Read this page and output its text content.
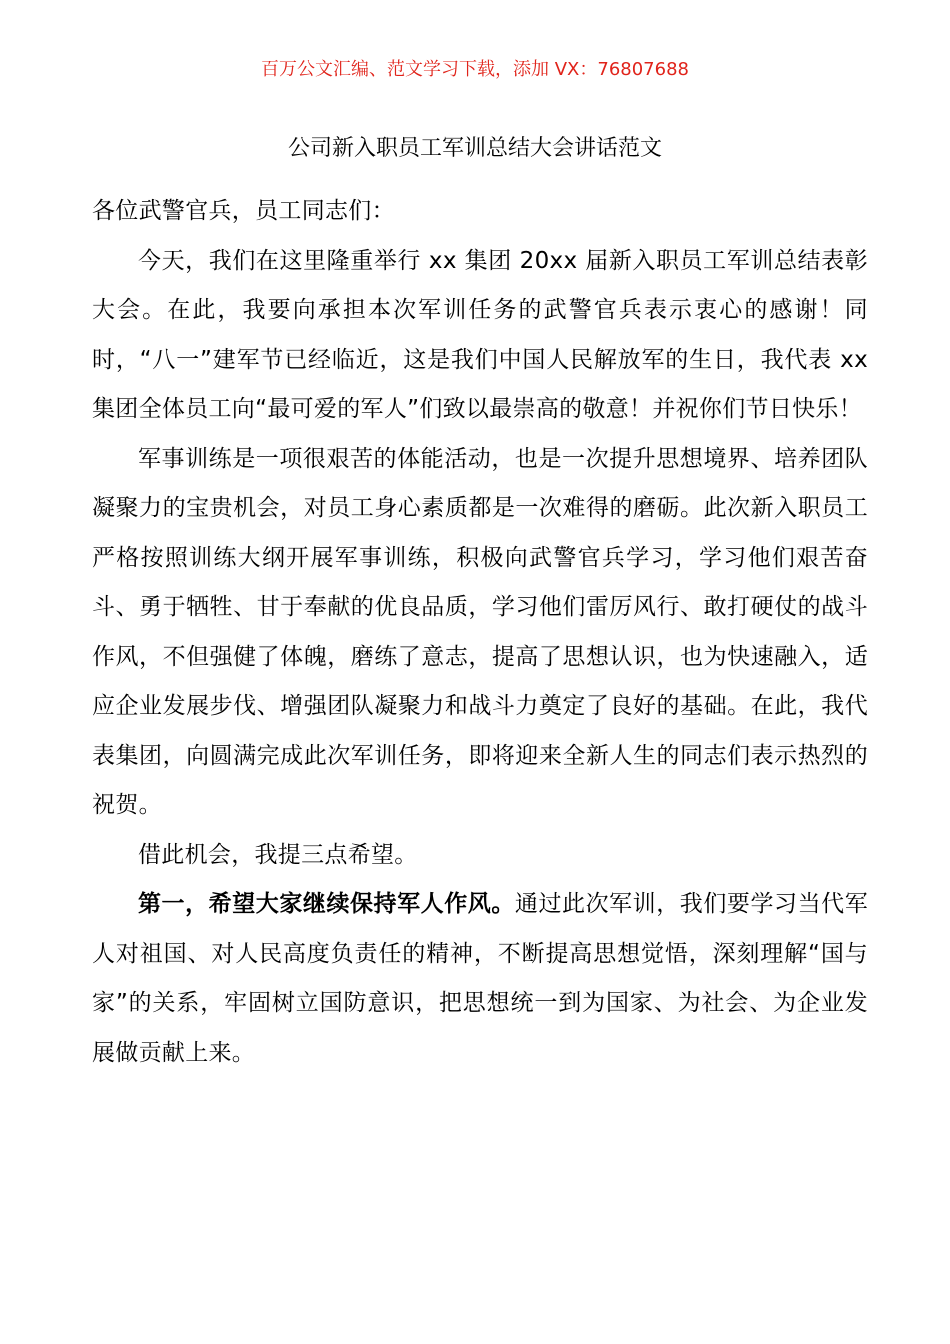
百万公文汇编、范文学习下载，添加 VX：76807688
公司新入职员工军训总结大会讲话范文

各位武警官兵，员工同志们：

今天，我们在这里隆重举行 xx 集团 20xx 届新入职员工军训总结表彰大会。在此，我要向承担本次军训任务的武警官兵表示衷心的感谢！同时，“八一”建军节已经临近，这是我们中国人民解放军的生日，我代表 xx 集团全体员工向“最可爱的军人”们致以最崇高的敬意！并祝你们节日快乐！

军事训练是一项很艰苦的体能活动，也是一次提升思想境界、培养团队凝聚力的宝贵机会，对员工身心素质都是一次难得的磨砺。此次新入职员工严格按照训练大纲开展军事训练，积极向武警官兵学习，学习他们艰苦奋斗、勇于牺牲、甘于奉献的优良品质，学习他们雷厉风行、敢打硬仗的战斗作风，不但强健了体魄，磨练了意志，提高了思想认识，也为快速融入，适应企业发展步伐、增强团队凝聚力和战斗力奠定了良好的基础。在此，我代表集团，向圆满完成此次军训任务，即将迎来全新人生的同志们表示热烈的祝贺。

借此机会，我提三点希望。

第一，希望大家继续保持军人作风。通过此次军训，我们要学习当代军人对祖国、对人民高度负责任的精神，不断提高思想觉悟，深刻理解“国与家”的关系，牢固树立国防意识，把思想统一到为国家、为社会、为企业发展做贡献上来。
